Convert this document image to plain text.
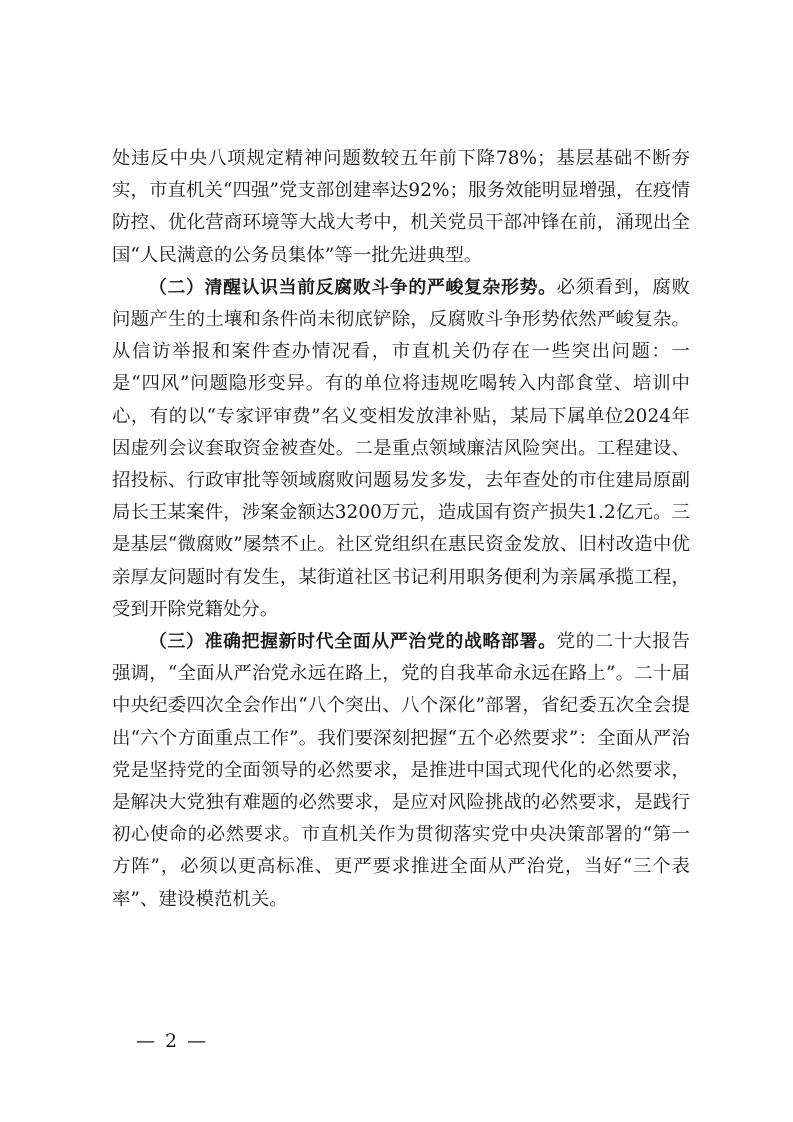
处违反中央八项规定精神问题数较五年前下降78%；基层基础不断夯实，市直机关“四强”党支部创建率达92%；服务效能明显增强，在疫情防控、优化营商环境等大战大考中，机关党员干部冲锋在前，涌现出全国“人民满意的公务员集体”等一批先进典型。

（二）清醒认识当前反腐败斗争的严峻复杂形势。必须看到，腐败问题产生的土壤和条件尚未彻底铲除，反腐败斗争形势依然严峻复杂。从信访举报和案件查办情况看，市直机关仍存在一些突出问题：一是“四风”问题隐形变异。有的单位将违规吃喝转入内部食堂、培训中心，有的以“专家评审费”名义变相发放津补贴，某局下属单位2024年因虚列会议套取资金被查处。二是重点领域廉洁风险突出。工程建设、招投标、行政审批等领域腐败问题易发多发，去年查处的市住建局原副局长王某案件，涉案金额达3200万元，造成国有资产损失1.2亿元。三是基层“微腐败”屡禁不止。社区党组织在惠民资金发放、旧村改造中优亲厚友问题时有发生，某街道社区书记利用职务便利为亲属承揽工程，受到开除党籍处分。

（三）准确把握新时代全面从严治党的战略部署。党的二十大报告强调，“全面从严治党永远在路上，党的自我革命永远在路上”。二十届中央纪委四次全会作出“八个突出、八个深化”部署，省纪委五次全会提出“六个方面重点工作”。我们要深刻把握“五个必然要求”：全面从严治党是坚持党的全面领导的必然要求，是推进中国式现代化的必然要求，是解决大党独有难题的必然要求，是应对风险挑战的必然要求，是践行初心使命的必然要求。市直机关作为贯彻落实党中央决策部署的“第一方阵”，必须以更高标准、更严要求推进全面从严治党，当好“三个表率”、建设模范机关。

— 2 —
